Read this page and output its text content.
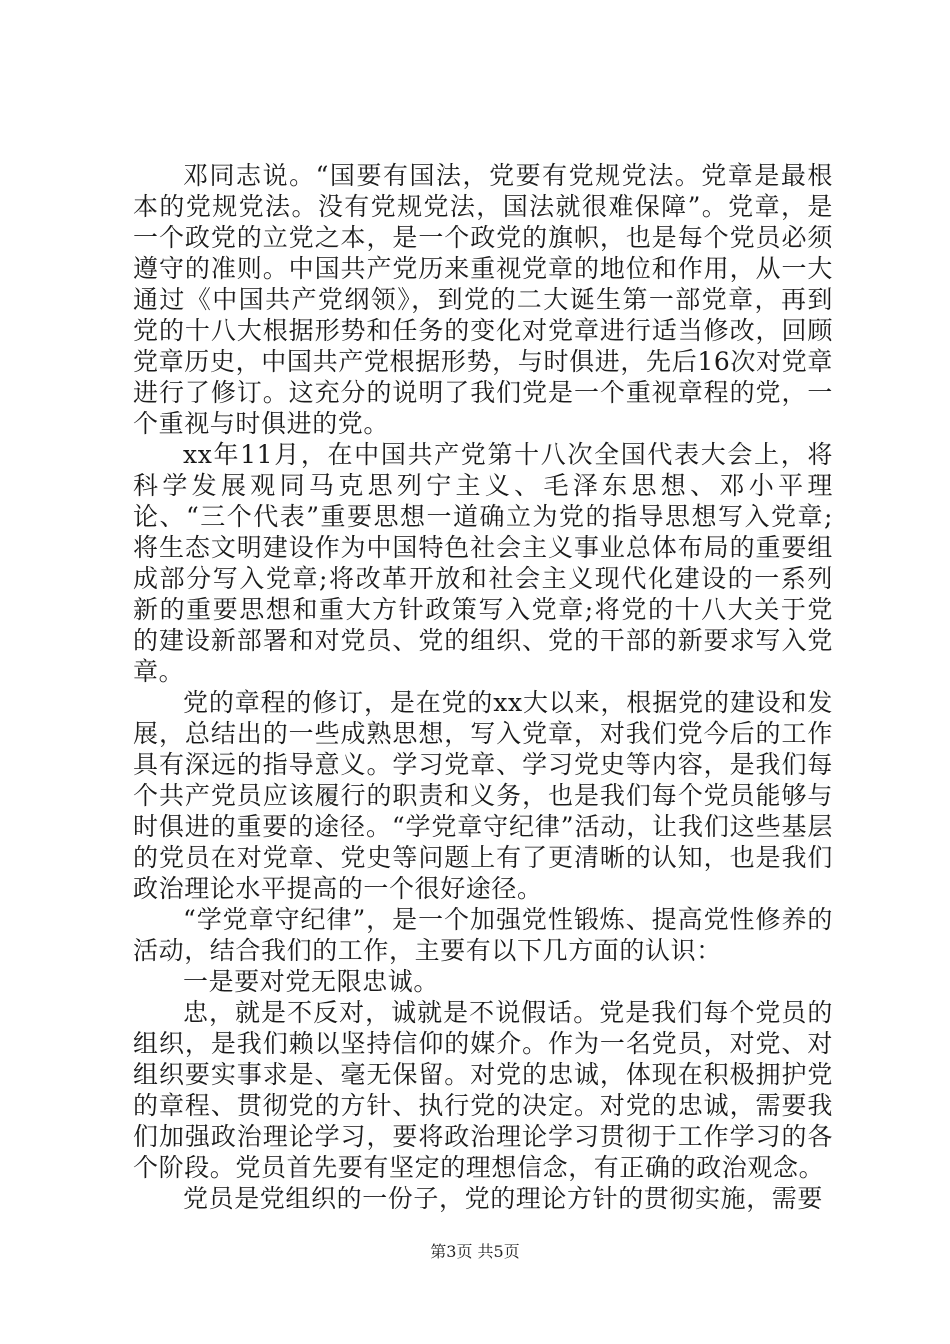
邓同志说。“国要有国法，党要有党规党法。党章是最根本的党规党法。没有党规党法，国法就很难保障”。党章，是一个政党的立党之本，是一个政党的旗帜，也是每个党员必须遵守的准则。中国共产党历来重视党章的地位和作用，从一大通过《中国共产党纲领》，到党的二大诞生第一部党章，再到党的十八大根据形势和任务的变化对党章进行适当修改，回顾党章历史，中国共产党根据形势，与时俱进，先后16次对党章进行了修订。这充分的说明了我们党是一个重视章程的党，一个重视与时俱进的党。

xx年11月，在中国共产党第十八次全国代表大会上，将科学发展观同马克思列宁主义、毛泽东思想、邓小平理论、“三个代表”重要思想一道确立为党的指导思想写入党章;将生态文明建设作为中国特色社会主义事业总体布局的重要组成部分写入党章;将改革开放和社会主义现代化建设的一系列新的重要思想和重大方针政策写入党章;将党的十八大关于党的建设新部署和对党员、党的组织、党的干部的新要求写入党章。

党的章程的修订，是在党的xx大以来，根据党的建设和发展，总结出的一些成熟思想，写入党章，对我们党今后的工作具有深远的指导意义。学习党章、学习党史等内容，是我们每个共产党员应该履行的职责和义务，也是我们每个党员能够与时俱进的重要的途径。“学党章守纪律”活动，让我们这些基层的党员在对党章、党史等问题上有了更清晰的认知，也是我们政治理论水平提高的一个很好途径。

“学党章守纪律”，是一个加强党性锻炼、提高党性修养的活动，结合我们的工作，主要有以下几方面的认识：

一是要对党无限忠诚。

忠，就是不反对，诚就是不说假话。党是我们每个党员的组织，是我们赖以坚持信仰的媒介。作为一名党员，对党、对组织要实事求是、毫无保留。对党的忠诚，体现在积极拥护党的章程、贯彻党的方针、执行党的决定。对党的忠诚，需要我们加强政治理论学习，要将政治理论学习贯彻于工作学习的各个阶段。党员首先要有坚定的理想信念，有正确的政治观念。

党员是党组织的一份子，党的理论方针的贯彻实施，需要

第3页 共5页
